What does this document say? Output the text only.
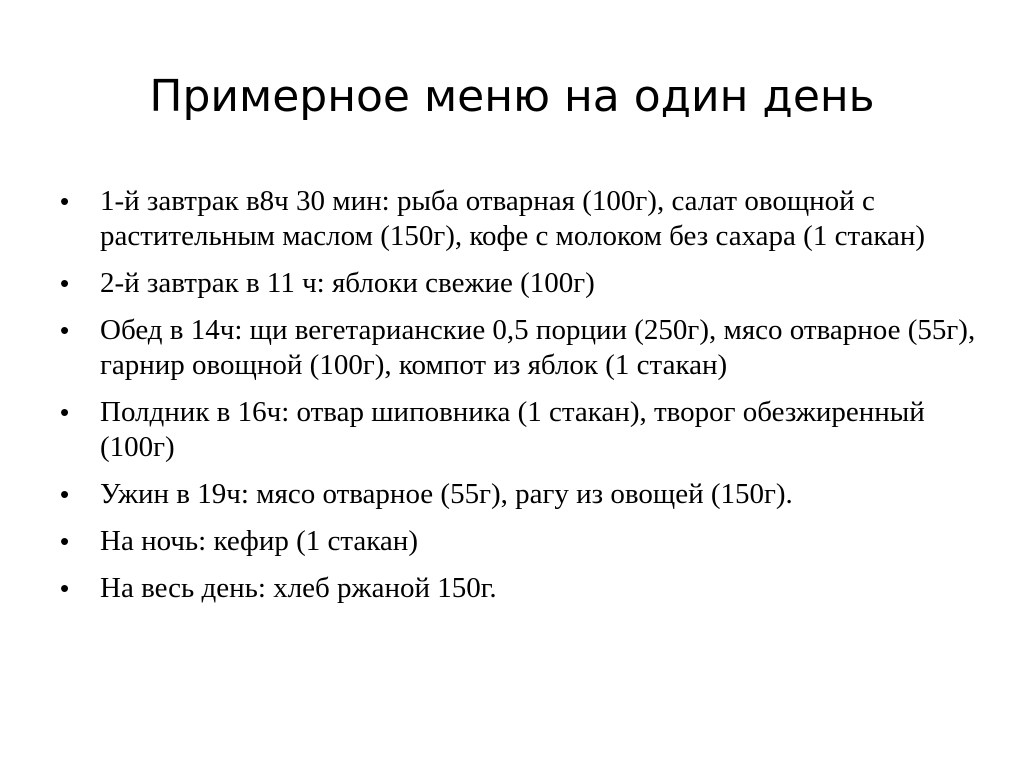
Примерное меню на один день
•	1-й завтрак в8ч 30 мин: рыба отварная (100г), салат овощной с растительным маслом (150г), кофе с молоком без сахара (1 стакан)
•	2-й завтрак в 11 ч: яблоки свежие (100г)
•	Обед в 14ч: щи вегетарианские 0,5 порции (250г), мясо отварное (55г), гарнир овощной (100г), компот из яблок (1 стакан)
•	Полдник в 16ч: отвар шиповника (1 стакан), творог обезжиренный (100г)
•	Ужин в 19ч: мясо отварное (55г), рагу из овощей (150г).
•	На ночь: кефир (1 стакан)
•	На весь день: хлеб ржаной 150г.
